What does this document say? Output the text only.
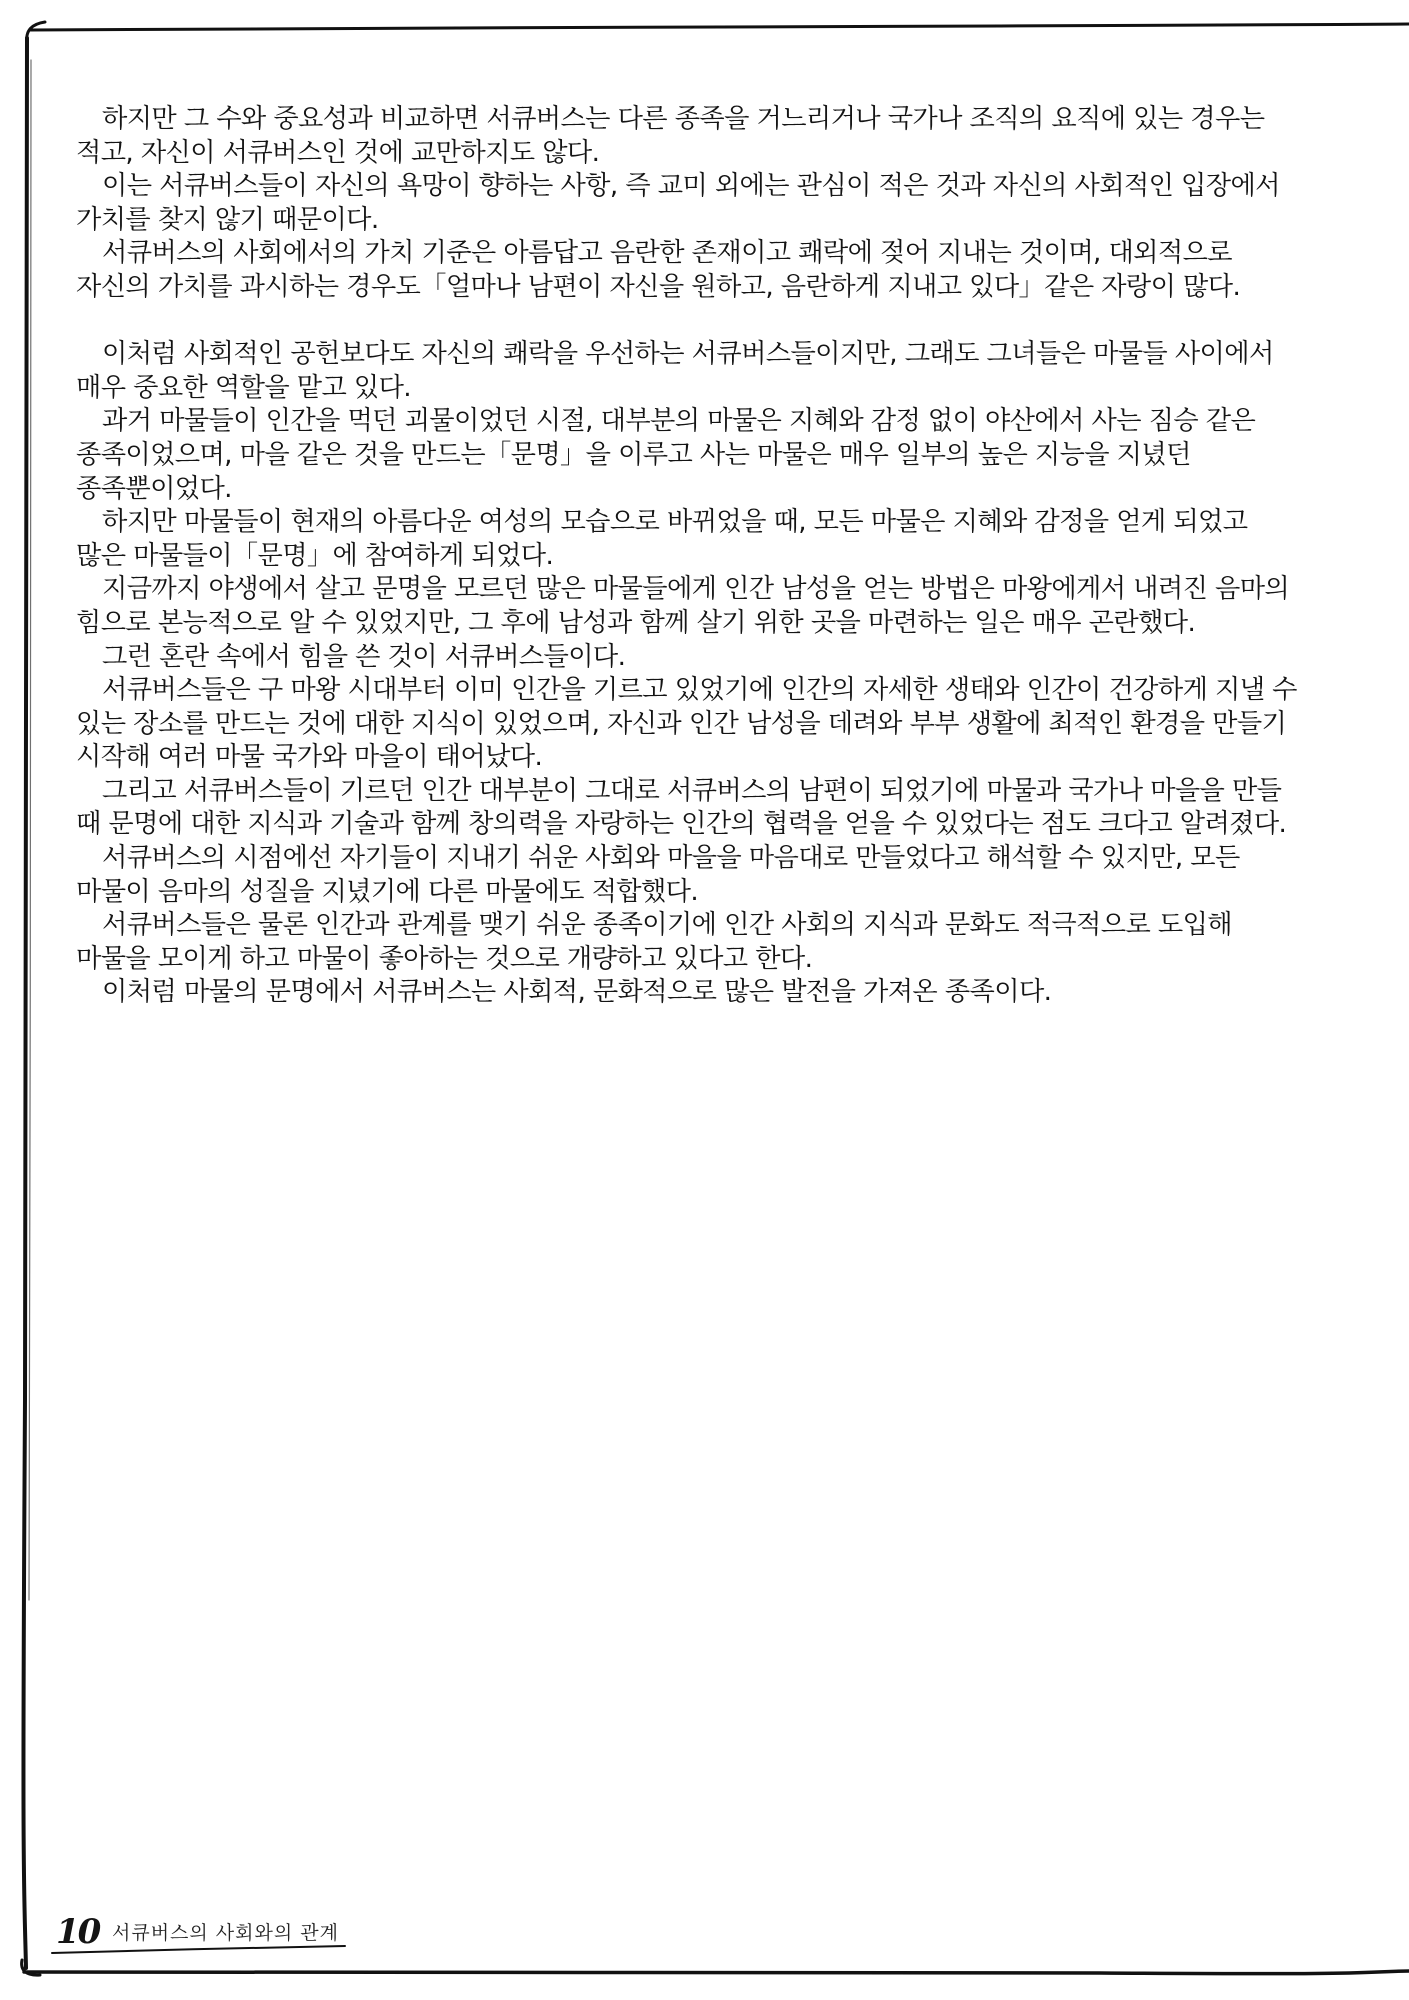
하지만 그 수와 중요성과 비교하면 서큐버스는 다른 종족을 거느리거나 국가나 조직의 요직에 있는 경우는
적고, 자신이 서큐버스인 것에 교만하지도 않다.
이는 서큐버스들이 자신의 욕망이 향하는 사항, 즉 교미 외에는 관심이 적은 것과 자신의 사회적인 입장에서
가치를 찾지 않기 때문이다.
서큐버스의 사회에서의 가치 기준은 아름답고 음란한 존재이고 쾌락에 젖어 지내는 것이며, 대외적으로
자신의 가치를 과시하는 경우도「얼마나 남편이 자신을 원하고, 음란하게 지내고 있다」같은 자랑이 많다.
이처럼 사회적인 공헌보다도 자신의 쾌락을 우선하는 서큐버스들이지만, 그래도 그녀들은 마물들 사이에서
매우 중요한 역할을 맡고 있다.
과거 마물들이 인간을 먹던 괴물이었던 시절, 대부분의 마물은 지혜와 감정 없이 야산에서 사는 짐승 같은
종족이었으며, 마을 같은 것을 만드는「문명」을 이루고 사는 마물은 매우 일부의 높은 지능을 지녔던
종족뿐이었다.
하지만 마물들이 현재의 아름다운 여성의 모습으로 바뀌었을 때, 모든 마물은 지혜와 감정을 얻게 되었고
많은 마물들이「문명」에 참여하게 되었다.
지금까지 야생에서 살고 문명을 모르던 많은 마물들에게 인간 남성을 얻는 방법은 마왕에게서 내려진 음마의
힘으로 본능적으로 알 수 있었지만, 그 후에 남성과 함께 살기 위한 곳을 마련하는 일은 매우 곤란했다.
그런 혼란 속에서 힘을 쓴 것이 서큐버스들이다.
서큐버스들은 구 마왕 시대부터 이미 인간을 기르고 있었기에 인간의 자세한 생태와 인간이 건강하게 지낼 수
있는 장소를 만드는 것에 대한 지식이 있었으며, 자신과 인간 남성을 데려와 부부 생활에 최적인 환경을 만들기
시작해 여러 마물 국가와 마을이 태어났다.
그리고 서큐버스들이 기르던 인간 대부분이 그대로 서큐버스의 남편이 되었기에 마물과 국가나 마을을 만들
때 문명에 대한 지식과 기술과 함께 창의력을 자랑하는 인간의 협력을 얻을 수 있었다는 점도 크다고 알려졌다.
서큐버스의 시점에선 자기들이 지내기 쉬운 사회와 마을을 마음대로 만들었다고 해석할 수 있지만, 모든
마물이 음마의 성질을 지녔기에 다른 마물에도 적합했다.
서큐버스들은 물론 인간과 관계를 맺기 쉬운 종족이기에 인간 사회의 지식과 문화도 적극적으로 도입해
마물을 모이게 하고 마물이 좋아하는 것으로 개량하고 있다고 한다.
이처럼 마물의 문명에서 서큐버스는 사회적, 문화적으로 많은 발전을 가져온 종족이다.
10 서큐버스의 사회와의 관계
